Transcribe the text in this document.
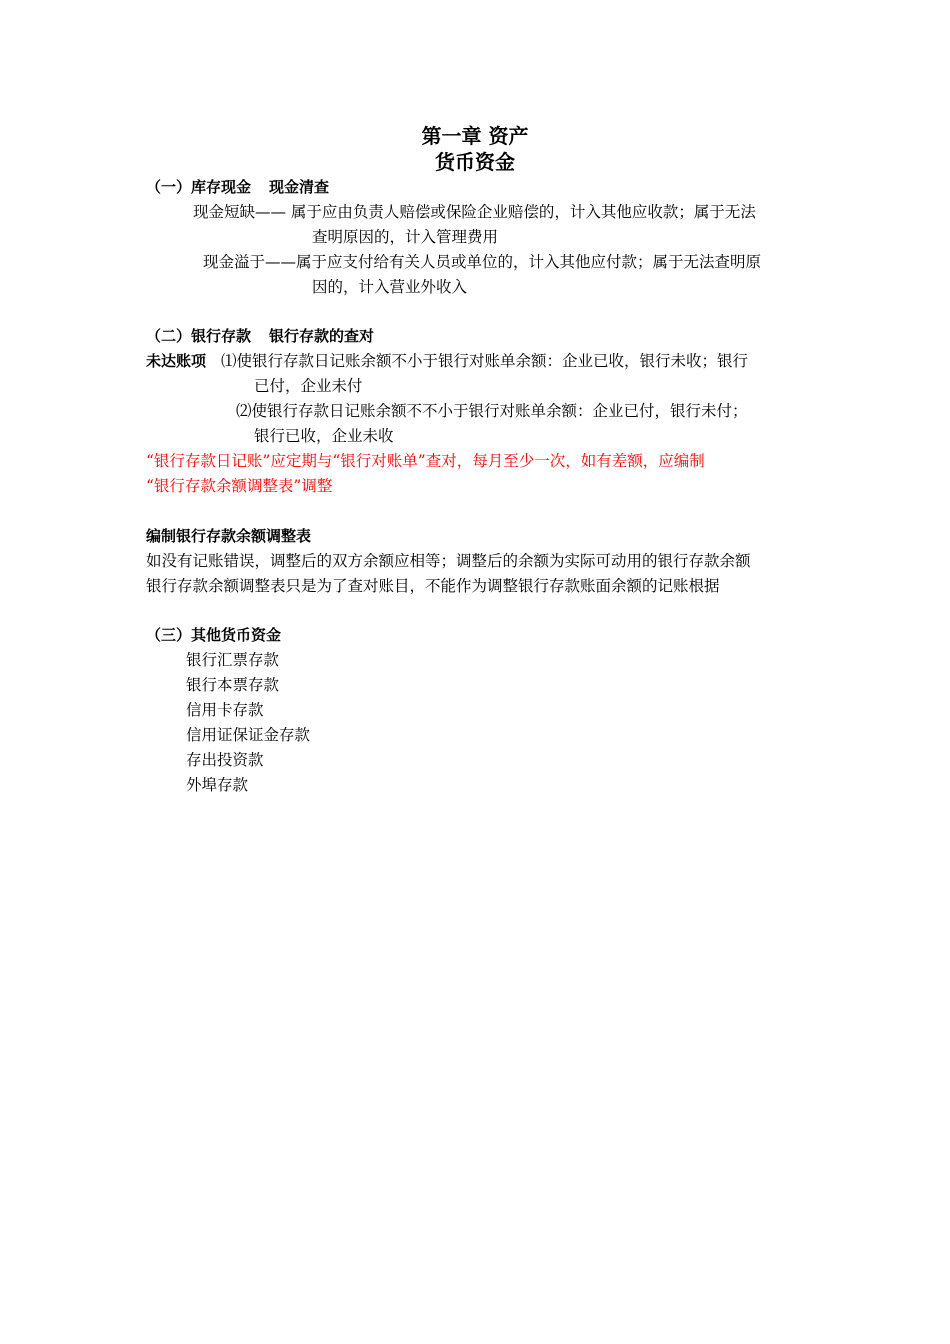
第一章 资产
货币资金
（一）库存现金 现金清查
现金短缺—— 属于应由负责人赔偿或保险企业赔偿的，计入其他应收款；属于无法
查明原因的，计入管理费用
现金溢于——属于应支付给有关人员或单位的，计入其他应付款；属于无法查明原
因的，计入营业外收入
（二）银行存款 银行存款的查对
未达账项 ⑴使银行存款日记账余额不小于银行对账单余额：企业已收，银行未收；银行
已付，企业未付
⑵使银行存款日记账余额不不小于银行对账单余额：企业已付，银行未付；
银行已收，企业未收
“银行存款日记账”应定期与“银行对账单”查对，每月至少一次，如有差额，应编制
“银行存款余额调整表”调整
编制银行存款余额调整表
如没有记账错误，调整后的双方余额应相等；调整后的余额为实际可动用的银行存款余额
银行存款余额调整表只是为了查对账目，不能作为调整银行存款账面余额的记账根据
（三）其他货币资金
银行汇票存款
银行本票存款
信用卡存款
信用证保证金存款
存出投资款
外埠存款
